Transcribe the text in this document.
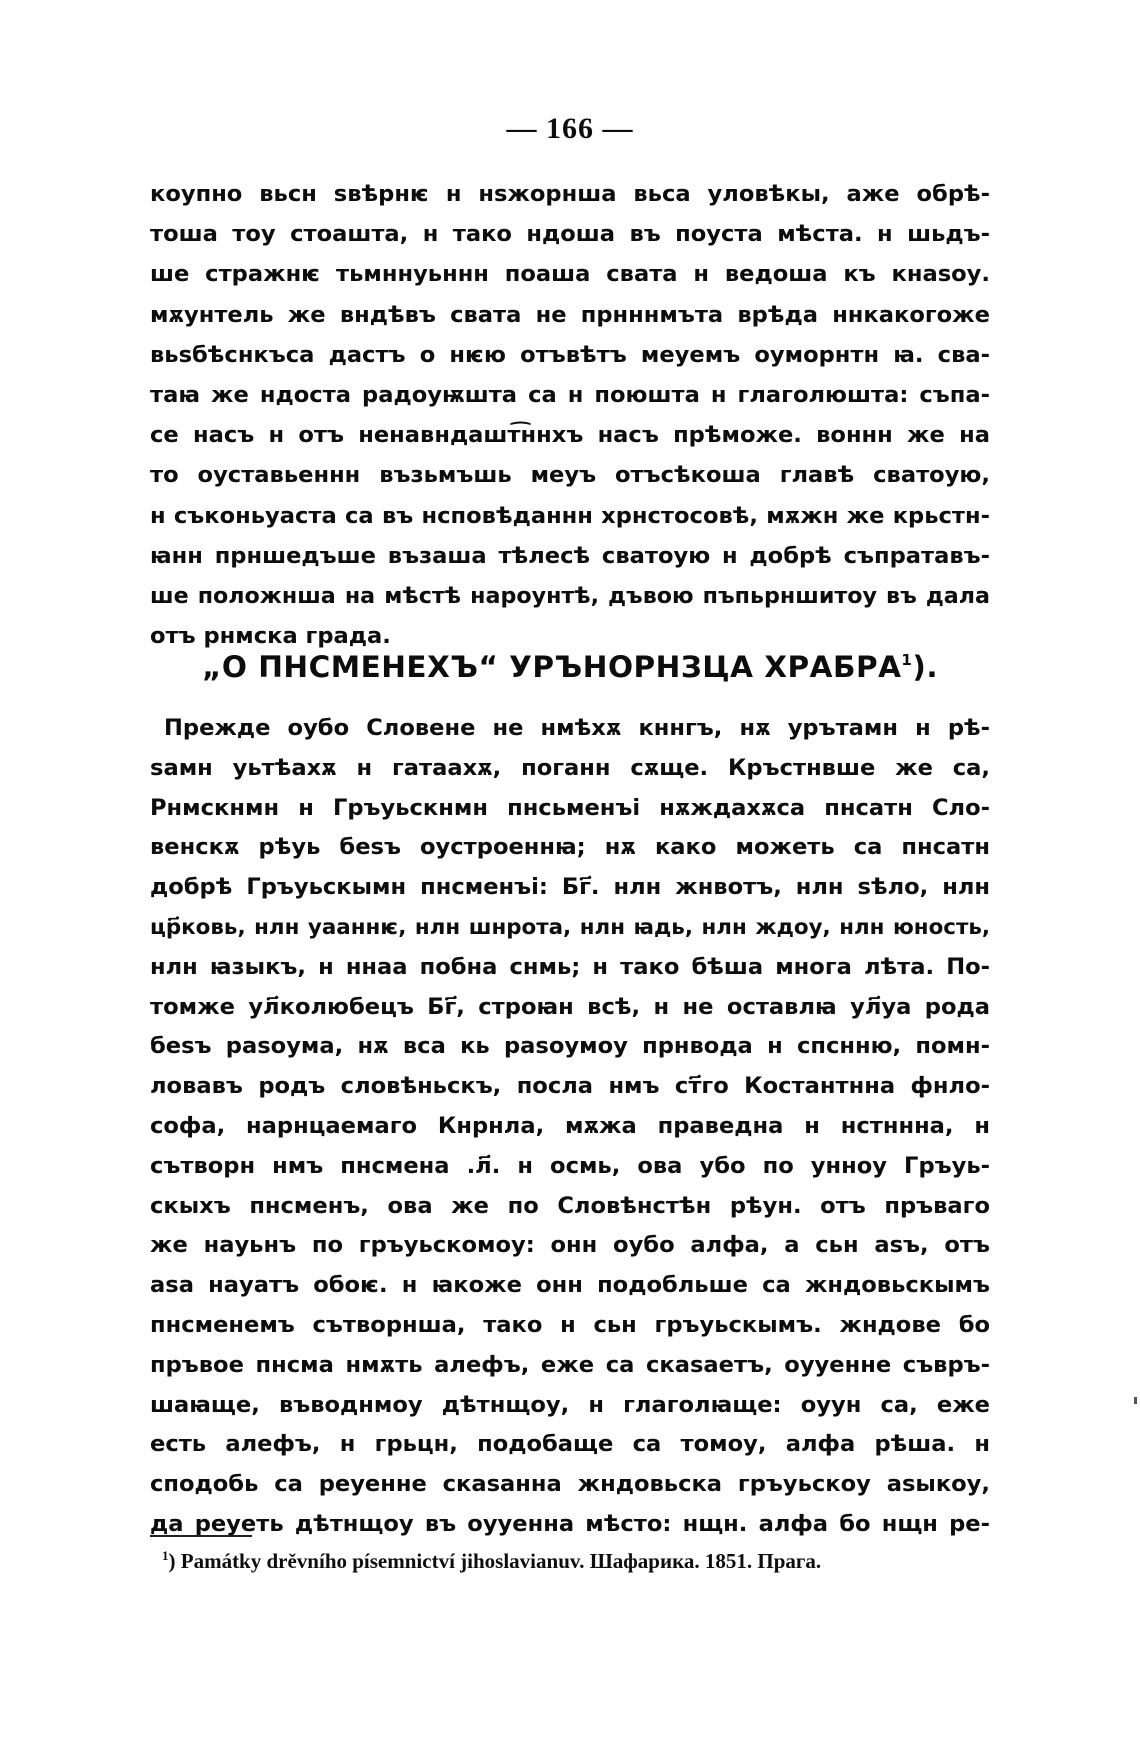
— 166 —
коупно вьсн ѕвѣрнѥ н нѕжорнша вьса уловѣкы, аже обрѣ-
тоша тоу стоашта, н тако ндоша въ поуста мѣста. н шьдъ-
ше стражнѥ тьмннуьннн поаша свата н ведоша къ кнаѕоу.
мѫунтель же вндѣвъ свата не прнннмъта врѣда ннкакогоже
вьѕбѣснкъса дастъ о нѥю отъвѣтъ меуемъ оуморнтн ꙗ. сва-
таꙗ же ндоста радоуѭшта са н поюшта н глаголюшта: съпа-
се насъ н отъ ненавндашт͡ннхъ насъ прѣможе. воннн же на
то оуставьеннн възьмъшь меуъ отъсѣкоша главѣ сватоую,
н съконьуаста са въ нсповѣданнн хрнстосовѣ, мѫжн же крьстн-
ꙗнн прншедъше възаша тѣлесѣ сватоую н добрѣ съпратавъ-
ше положнша на мѣстѣ нароунтѣ, дъвою пъпьрншитоу въ дала
отъ рнмска града.
„О ПНСМЕНЕХЪ“ УРЪНОРНЗЦА ХРАБРА$^1$).
Прежде оубо Словене не нмѣхѫ кннгъ, нѫ урътамн н рѣ-
ѕамн уьтѣахѫ н гатаахѫ, поганн сѫще. Кръстнвше же са,
Рнмскнмн н Гръуьскнмн пнсьменъі нѫждахѫса пнсатн Сло-
венскѫ рѣуь беѕъ оустроеннꙗ; нѫ како можеть са пнсатн
добрѣ Гръуьскымн пнсменъі: Бг҃. нлн жнвотъ, нлн ѕѣло, нлн
цр҃ковь, нлн уааннѥ, нлн шнрота, нлн ꙗдь, нлн ждоу, нлн юность,
нлн ꙗзыкъ, н ннаа побна снмь; н тако бѣша многа лѣта. По-
томже ул҃колюбецъ Бг҃, строꙗн всѣ, н не оставлꙗ ул҃уа рода
беѕъ раѕоума, нѫ вса кь раѕоумоу прнвода н спснню, помн-
ловавъ родъ словѣньскъ, посла нмъ ст҃го Костантнна фнло-
софа, нарнцаемаго Кнрнла, мѫжа праведна н нстннна, н
сътворн нмъ пнсмена .л҃. н осмь, ова убо по уннοу Гръуь-
скыхъ пнсменъ, ова же по Словѣнстѣн рѣун. отъ пръваго
же науьнъ по гръуьскомоу: онн оубо алфа, а сьн аѕъ, отъ
аѕа науатъ обоѥ. н ꙗкоже онн подобльше са жндовьскымъ
пнсменемъ сътворнша, тако н сьн гръуьскымъ. жндове бо
пръвое пнсма нмѫть алефъ, еже са скаѕаетъ, оууенне съвръ-
шаꙗще, въводнмоу дѣтнщоу, н глаголꙗще: оуун са, еже
есть алефъ, н грьцн, подобаще са томоу, алфа рѣша. н
сподобь са реуенне скаѕанна жндовьска гръуьскоу аѕыкоу,
да реуеть дѣтнщоу въ оууенна мѣсто: нщн. алфа бо нщн ре-
$^1$) Památky drěvního písemnictví jihoslavianuv. Шафарика. 1851. Прага.
